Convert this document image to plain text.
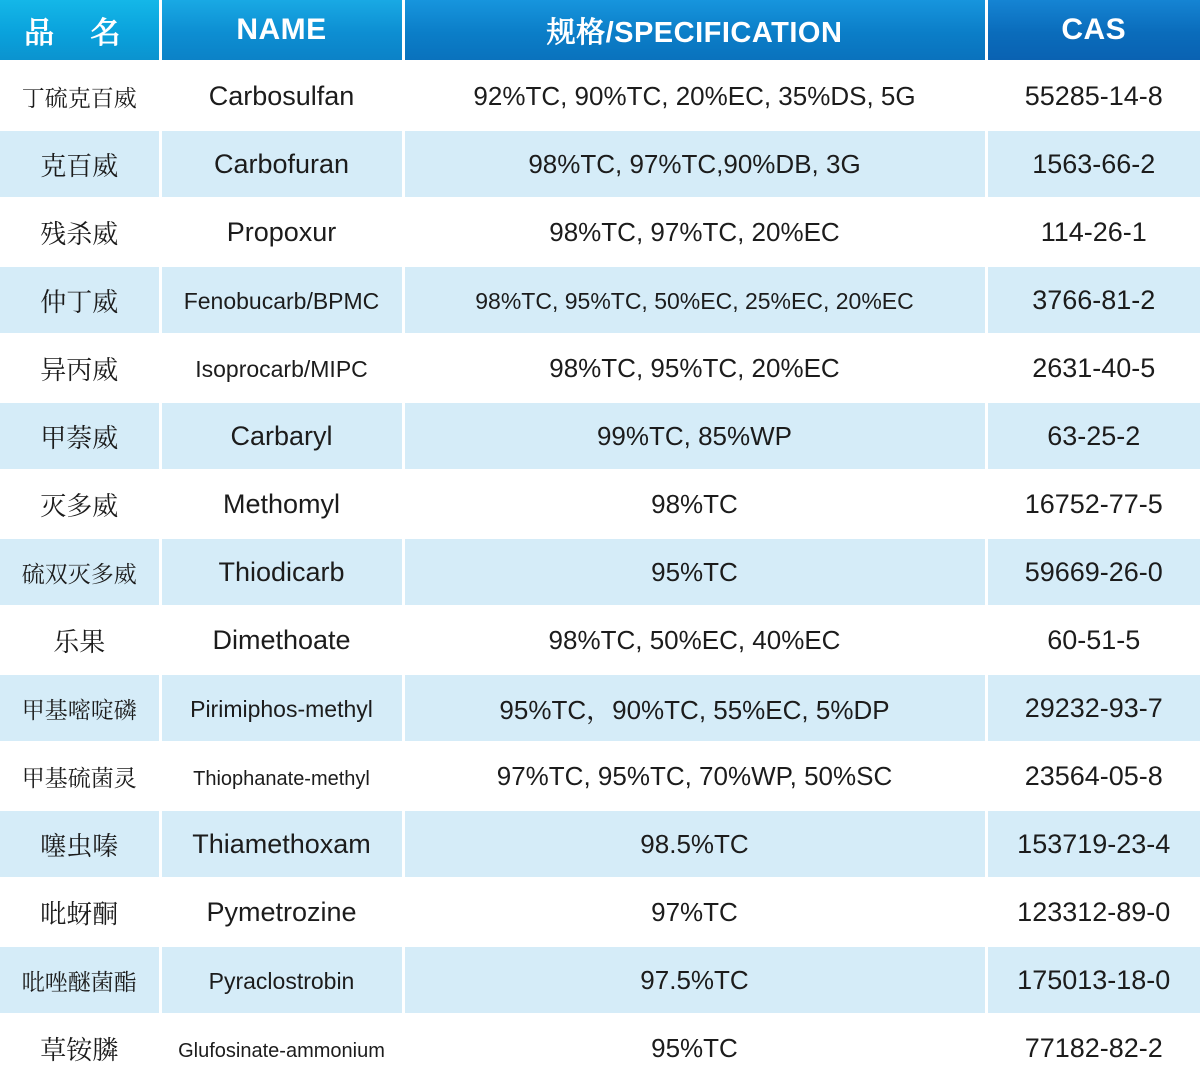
品 名	NAME	规格/SPECIFICATION	CAS
丁硫克百威	Carbosulfan	92%TC, 90%TC, 20%EC, 35%DS, 5G	55285-14-8
克百威	Carbofuran	98%TC, 97%TC,90%DB, 3G	1563-66-2
残杀威	Propoxur	98%TC, 97%TC, 20%EC	114-26-1
仲丁威	Fenobucarb/BPMC	98%TC, 95%TC, 50%EC, 25%EC, 20%EC	3766-81-2
异丙威	Isoprocarb/MIPC	98%TC, 95%TC, 20%EC	2631-40-5
甲萘威	Carbaryl	99%TC, 85%WP	63-25-2
灭多威	Methomyl	98%TC	16752-77-5
硫双灭多威	Thiodicarb	95%TC	59669-26-0
乐果	Dimethoate	98%TC, 50%EC, 40%EC	60-51-5
甲基嘧啶磷	Pirimiphos-methyl	95%TC，90%TC, 55%EC, 5%DP	29232-93-7
甲基硫菌灵	Thiophanate-methyl	97%TC, 95%TC, 70%WP, 50%SC	23564-05-8
噻虫嗪	Thiamethoxam	98.5%TC	153719-23-4
吡蚜酮	Pymetrozine	97%TC	123312-89-0
吡唑醚菌酯	Pyraclostrobin	97.5%TC	175013-18-0
草铵膦	Glufosinate-ammonium	95%TC	77182-82-2
